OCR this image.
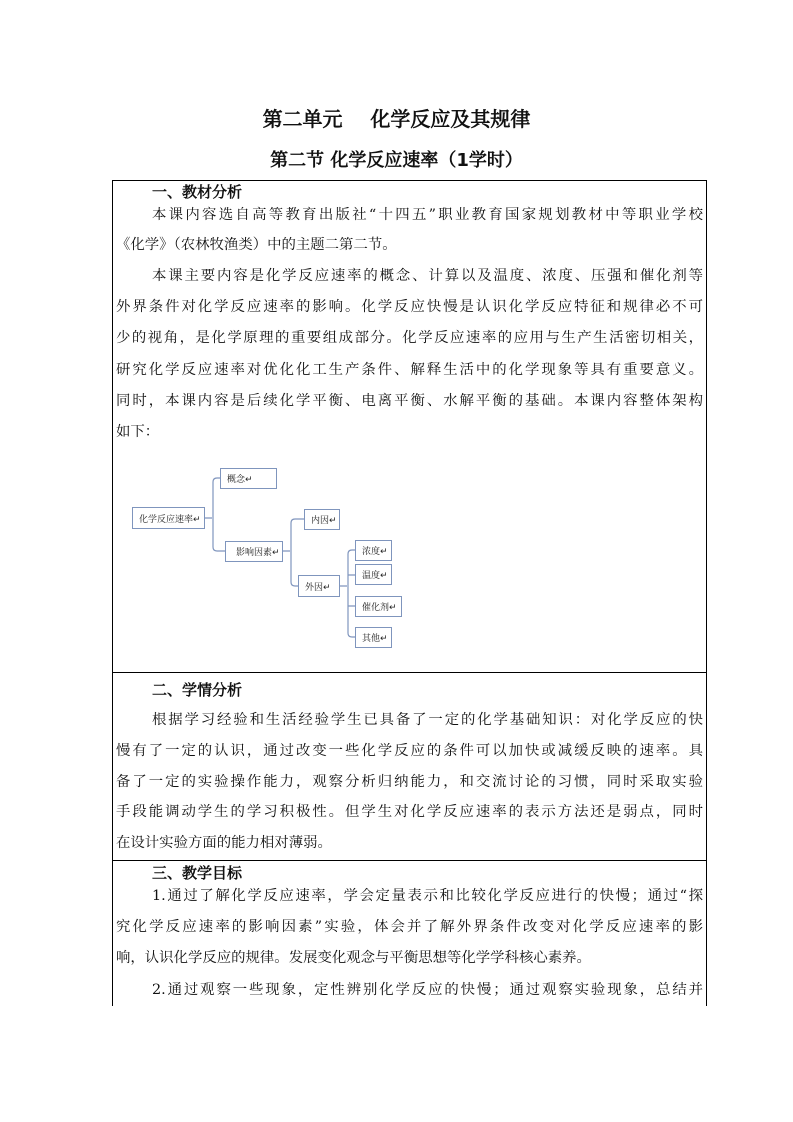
第二单元    化学反应及其规律
第二节 化学反应速率（1学时）
一、教材分析
本课内容选自高等教育出版社“十四五”职业教育国家规划教材中等职业学校
《化学》（农林牧渔类）中的主题二第二节。
本课主要内容是化学反应速率的概念、计算以及温度、浓度、压强和催化剂等
外界条件对化学反应速率的影响。化学反应快慢是认识化学反应特征和规律必不可
少的视角，是化学原理的重要组成部分。化学反应速率的应用与生产生活密切相关，
研究化学反应速率对优化化工生产条件、解释生活中的化学现象等具有重要意义。
同时，本课内容是后续化学平衡、电离平衡、水解平衡的基础。本课内容整体架构
如下：
化学反应速率↵
概念↵
影响因素↵
内因↵
外因↵
浓度↵
温度↵
催化剂↵
其他↵
二、学情分析
根据学习经验和生活经验学生已具备了一定的化学基础知识：对化学反应的快
慢有了一定的认识，通过改变一些化学反应的条件可以加快或减缓反映的速率。具
备了一定的实验操作能力，观察分析归纳能力，和交流讨论的习惯，同时采取实验
手段能调动学生的学习积极性。但学生对化学反应速率的表示方法还是弱点，同时
在设计实验方面的能力相对薄弱。
三、教学目标
1.通过了解化学反应速率，学会定量表示和比较化学反应进行的快慢；通过“探
究化学反应速率的影响因素”实验，体会并了解外界条件改变对化学反应速率的影
响，认识化学反应的规律。发展变化观念与平衡思想等化学学科核心素养。
2.通过观察一些现象，定性辨别化学反应的快慢；通过观察实验现象，总结并
